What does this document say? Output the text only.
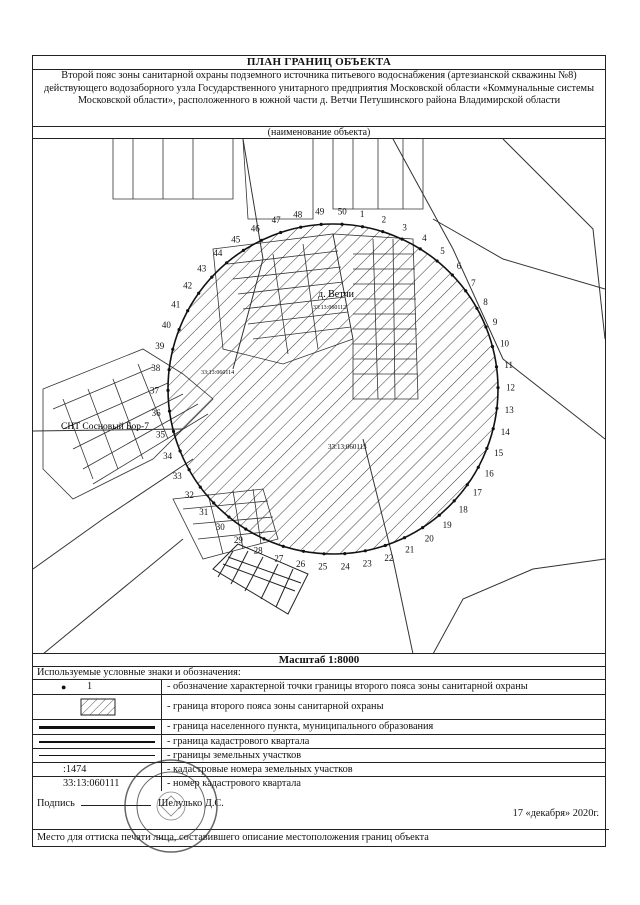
ПЛАН ГРАНИЦ ОБЪЕКТА
Второй пояс зоны санитарной охраны подземного источника питьевого водоснабжения (артезианской скважины №8) действующего водозаборного узла Государственного унитарного предприятия Московской области «Коммунальные системы Московской области», расположенного в южной части д. Ветчи Петушинского района Владимирской области
(наименование объекта)
д. Ветчи
СНТ Сосновый Бор-7
33:13:060113
33:13:060112
33:13:060114
1
2
3
4
5
6
7
8
9
10
11
12
13
14
15
16
17
18
19
20
21
22
23
24
25
26
27
28
29
30
31
32
33
34
35
36
37
38
39
40
41
42
43
44
45
46
47
48 49 50
Масштаб 1:8000
Используемые условные знаки и обозначения:
● 1	- обозначение характерной точки границы второго пояса зоны санитарной охраны
- граница второго пояса зоны санитарной охраны
- граница населенного пункта, муниципального образования
- граница кадастрового квартала
- границы земельных участков
:1474	- кадастровые номера земельных участков
33:13:060111	- номер кадастрового квартала
Подпись	Шелулько Д.С.
17 «декабря» 2020г.
Место для оттиска печати лица, составившего описание местоположения границ объекта
